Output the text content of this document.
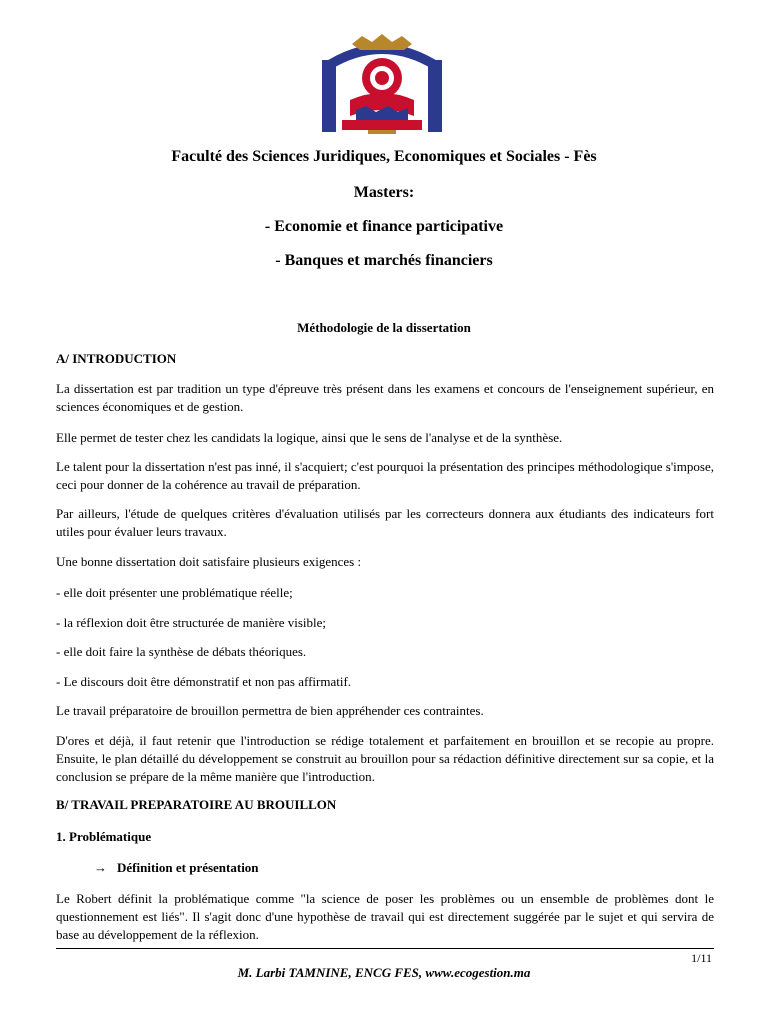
Faculté des Sciences Juridiques, Economiques et Sociales - Fès
Masters:
- Economie et finance participative
- Banques et marchés financiers
Méthodologie de la dissertation

A/ INTRODUCTION

La dissertation est par tradition un type d'épreuve très présent dans les examens et concours de l'enseignement supérieur, en sciences économiques et de gestion.

Elle permet de tester chez les candidats la logique, ainsi que le sens de l'analyse et de la synthèse.

Le talent pour la dissertation n'est pas inné, il s'acquiert; c'est pourquoi la présentation des principes méthodologique s'impose, ceci pour donner de la cohérence au travail de préparation.

Par ailleurs, l'étude de quelques critères d'évaluation utilisés par les correcteurs donnera aux étudiants des indicateurs fort utiles pour évaluer leurs travaux.

Une bonne dissertation doit satisfaire plusieurs exigences :

- elle doit présenter une problématique réelle;

- la réflexion doit être structurée de manière visible;

- elle doit faire la synthèse de débats théoriques.

- Le discours doit être démonstratif et non pas affirmatif.

Le travail préparatoire de brouillon permettra de bien appréhender ces contraintes.

D'ores et déjà, il faut retenir que l'introduction se rédige totalement et parfaitement en brouillon et se recopie au propre. Ensuite, le plan détaillé du développement se construit au brouillon pour sa rédaction définitive directement sur sa copie, et la conclusion se prépare de la même manière que l'introduction.

B/ TRAVAIL PREPARATOIRE AU BROUILLON

1. Problématique

→ Définition et présentation

Le Robert définit la problématique comme "la science de poser les problèmes ou un ensemble de problèmes dont le questionnement est liés". Il s'agit donc d'une hypothèse de travail qui est directement suggérée par le sujet et qui servira de base au développement de la réflexion.

1/11
M. Larbi TAMNINE, ENCG FES, www.ecogestion.ma
